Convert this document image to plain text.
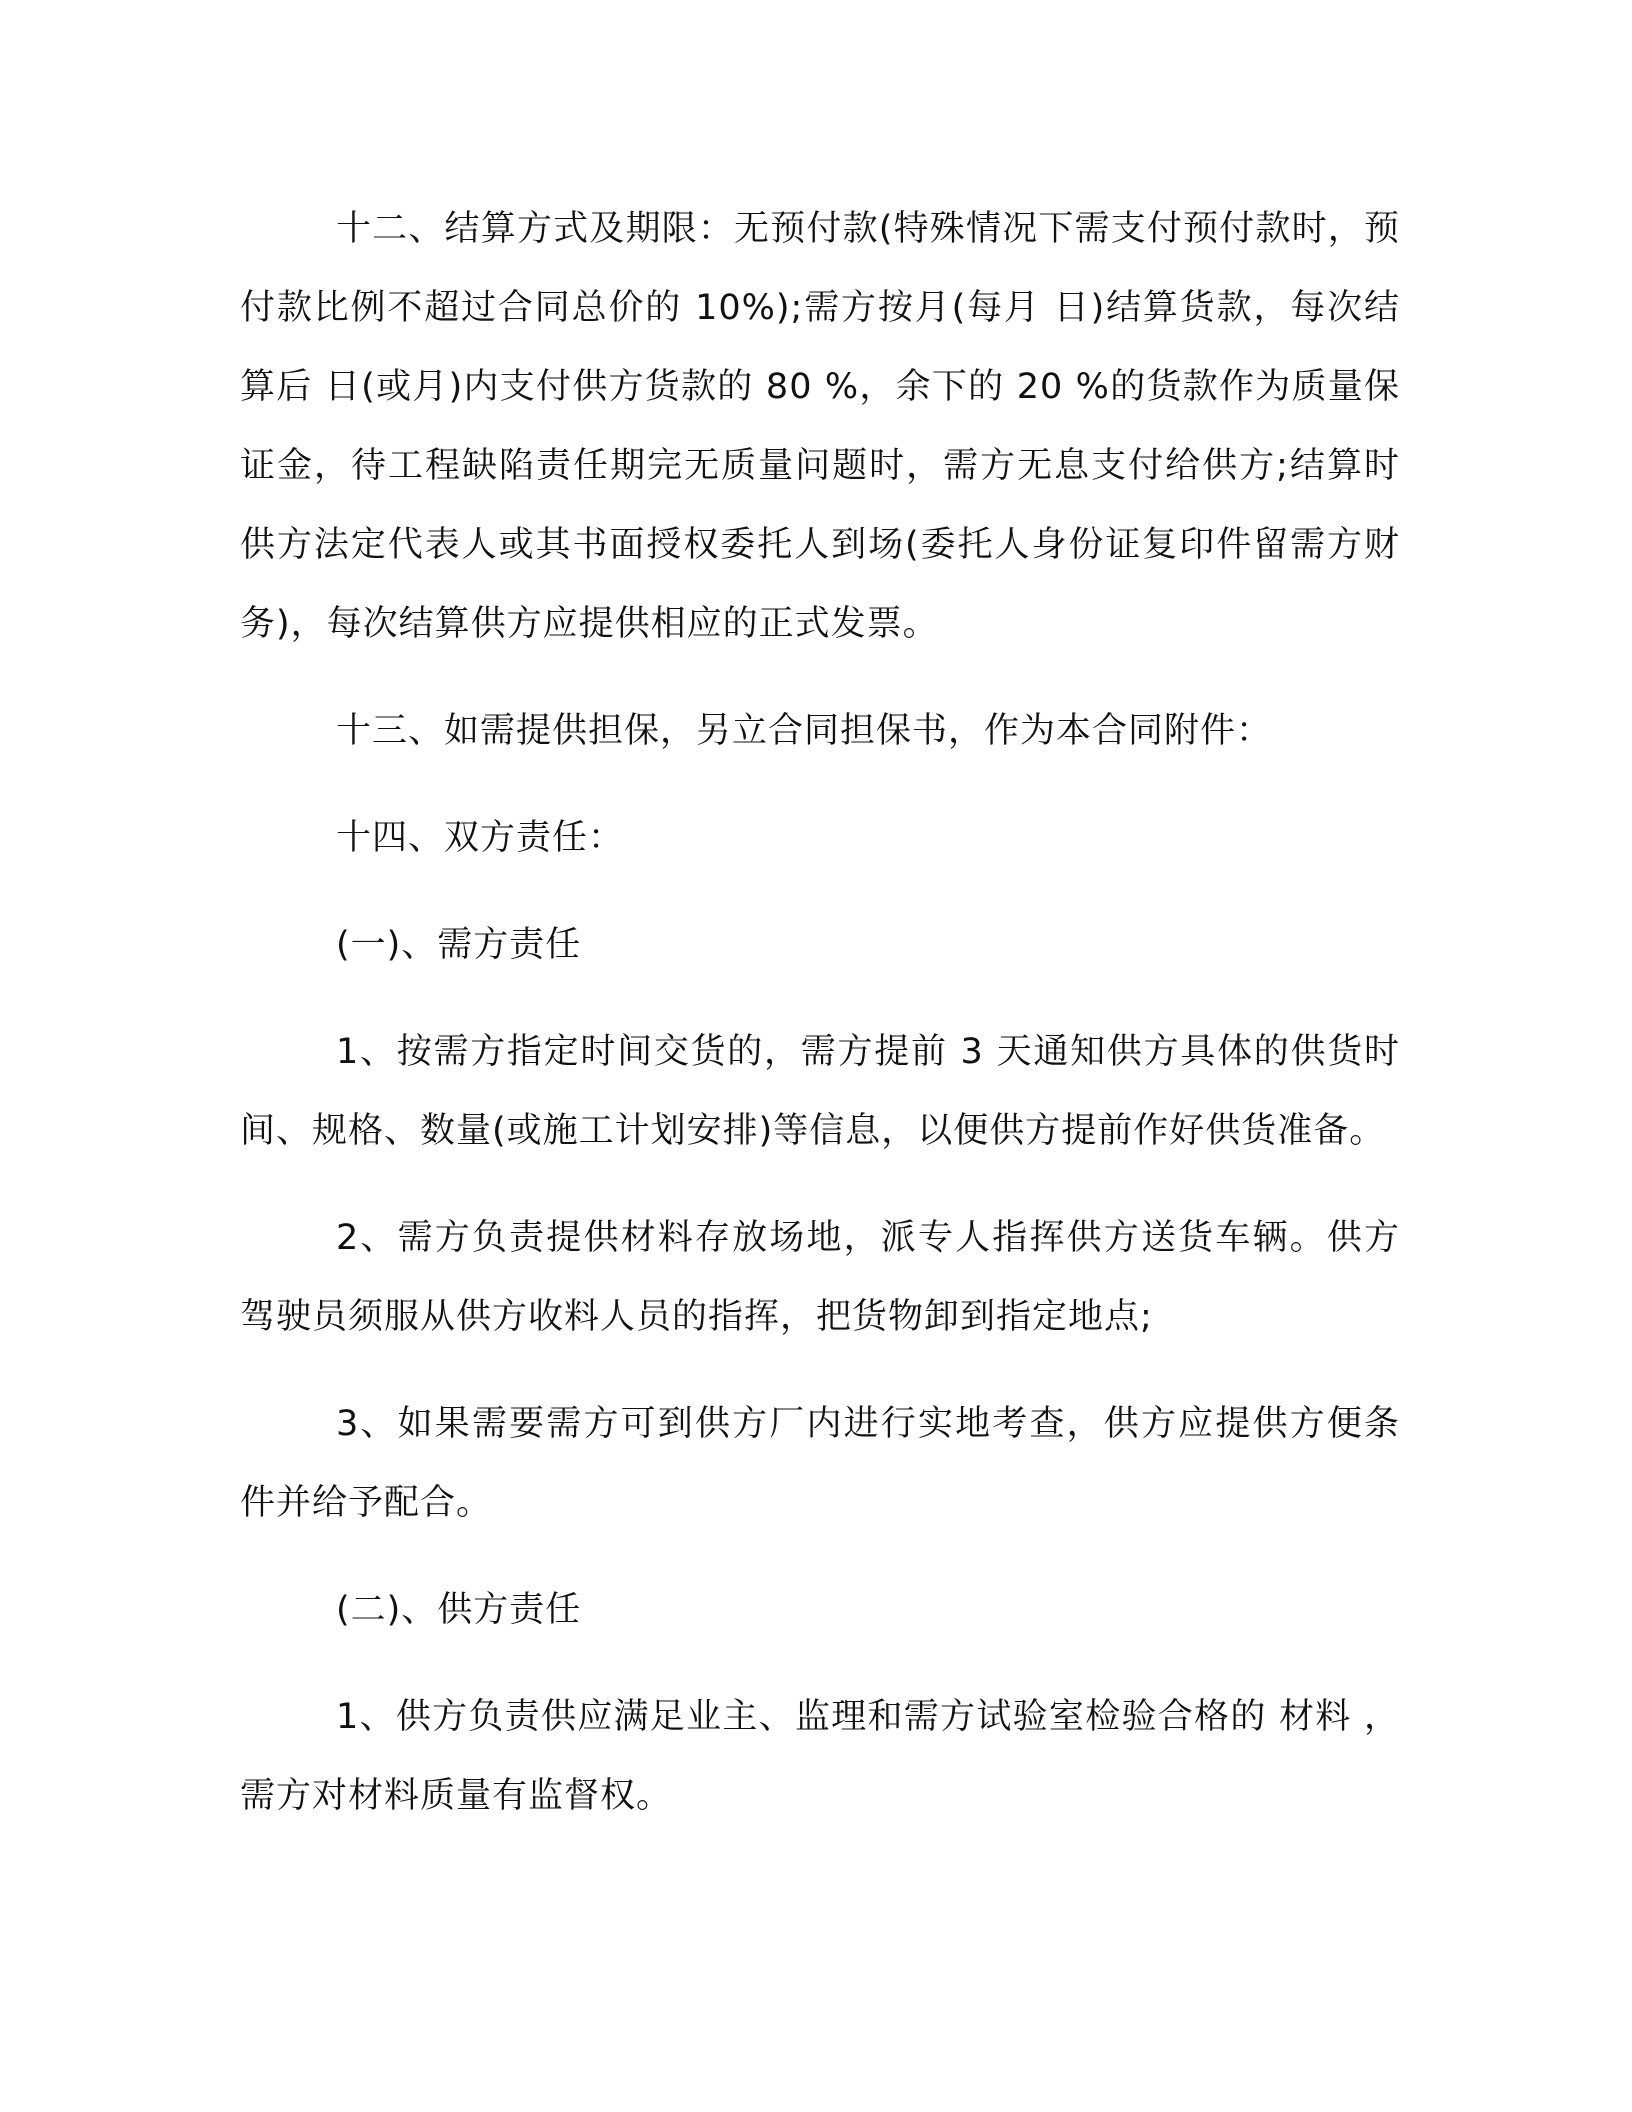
十二、结算方式及期限：无预付款(特殊情况下需支付预付款时，预付款比例不超过合同总价的 10%);需方按月(每月 日)结算货款，每次结算后 日(或月)内支付供方货款的 80 %，余下的 20 %的货款作为质量保证金，待工程缺陷责任期完无质量问题时，需方无息支付给供方;结算时供方法定代表人或其书面授权委托人到场(委托人身份证复印件留需方财务)，每次结算供方应提供相应的正式发票。

十三、如需提供担保，另立合同担保书，作为本合同附件：

十四、双方责任：

(一)、需方责任

1、按需方指定时间交货的，需方提前 3 天通知供方具体的供货时间、规格、数量(或施工计划安排)等信息，以便供方提前作好供货准备。

2、需方负责提供材料存放场地，派专人指挥供方送货车辆。供方驾驶员须服从供方收料人员的指挥，把货物卸到指定地点;

3、如果需要需方可到供方厂内进行实地考查，供方应提供方便条件并给予配合。

(二)、供方责任

1、供方负责供应满足业主、监理和需方试验室检验合格的 材料 ，需方对材料质量有监督权。
